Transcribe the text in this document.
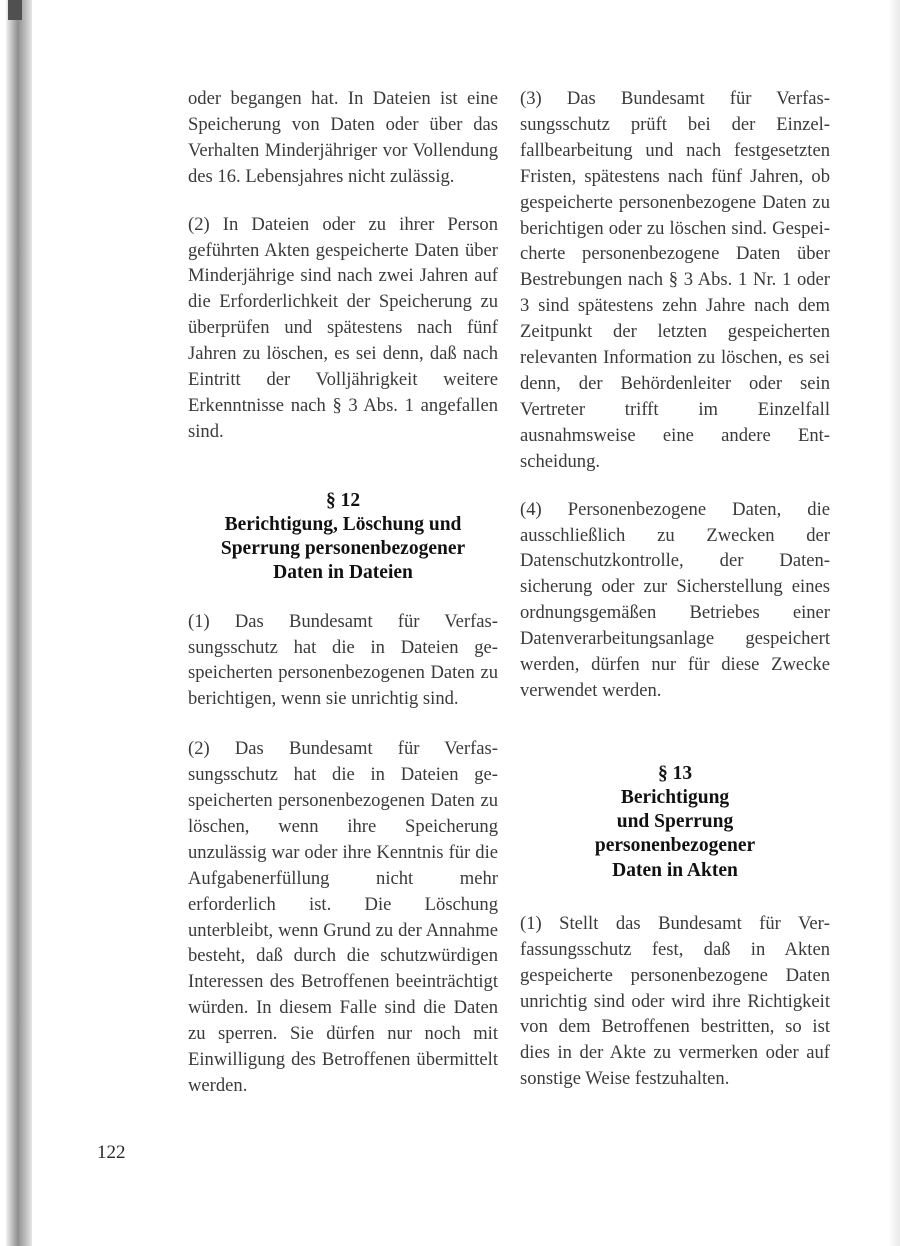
oder begangen hat. In Dateien ist eine Speicherung von Daten oder über das Verhalten Minderjähriger vor Vollendung des 16. Lebensjahres nicht zulässig.

(2) In Dateien oder zu ihrer Person geführten Akten gespeicherte Daten über Minderjährige sind nach zwei Jahren auf die Erforderlichkeit der Speicherung zu überprüfen und spätestens nach fünf Jahren zu löschen, es sei denn, daß nach Eintritt der Volljährigkeit weitere Erkenntnisse nach § 3 Abs. 1 angefallen sind.

§ 12
Berichtigung, Löschung und
Sperrung personenbezogener
Daten in Dateien

(1) Das Bundesamt für Verfassungsschutz hat die in Dateien gespeicherten personenbezogenen Daten zu berichtigen, wenn sie unrichtig sind.

(2) Das Bundesamt für Verfassungsschutz hat die in Dateien gespeicherten personenbezogenen Daten zu löschen, wenn ihre Speicherung unzulässig war oder ihre Kenntnis für die Aufgabenerfüllung nicht mehr erforderlich ist. Die Löschung unterbleibt, wenn Grund zu der Annahme besteht, daß durch die schutzwürdigen Interessen des Betroffenen beeinträchtigt würden. In diesem Falle sind die Daten zu sperren. Sie dürfen nur noch mit Einwilligung des Betroffenen übermittelt werden.

(3) Das Bundesamt für Verfassungsschutz prüft bei der Einzelfallbearbeitung und nach festgesetzten Fristen, spätestens nach fünf Jahren, ob gespeicherte personenbezogene Daten zu berichtigen oder zu löschen sind. Gespeicherte personenbezogene Daten über Bestrebungen nach § 3 Abs. 1 Nr. 1 oder 3 sind spätestens zehn Jahre nach dem Zeitpunkt der letzten gespeicherten relevanten Information zu löschen, es sei denn, der Behördenleiter oder sein Vertreter trifft im Einzelfall ausnahmsweise eine andere Entscheidung.

(4) Personenbezogene Daten, die ausschließlich zu Zwecken der Datenschutzkontrolle, der Datensicherung oder zur Sicherstellung eines ordnungsgemäßen Betriebes einer Datenverarbeitungsanlage gespeichert werden, dürfen nur für diese Zwecke verwendet werden.

§ 13
Berichtigung
und Sperrung
personenbezogener
Daten in Akten

(1) Stellt das Bundesamt für Verfassungsschutz fest, daß in Akten gespeicherte personenbezogene Daten unrichtig sind oder wird ihre Richtigkeit von dem Betroffenen bestritten, so ist dies in der Akte zu vermerken oder auf sonstige Weise festzuhalten.

122
